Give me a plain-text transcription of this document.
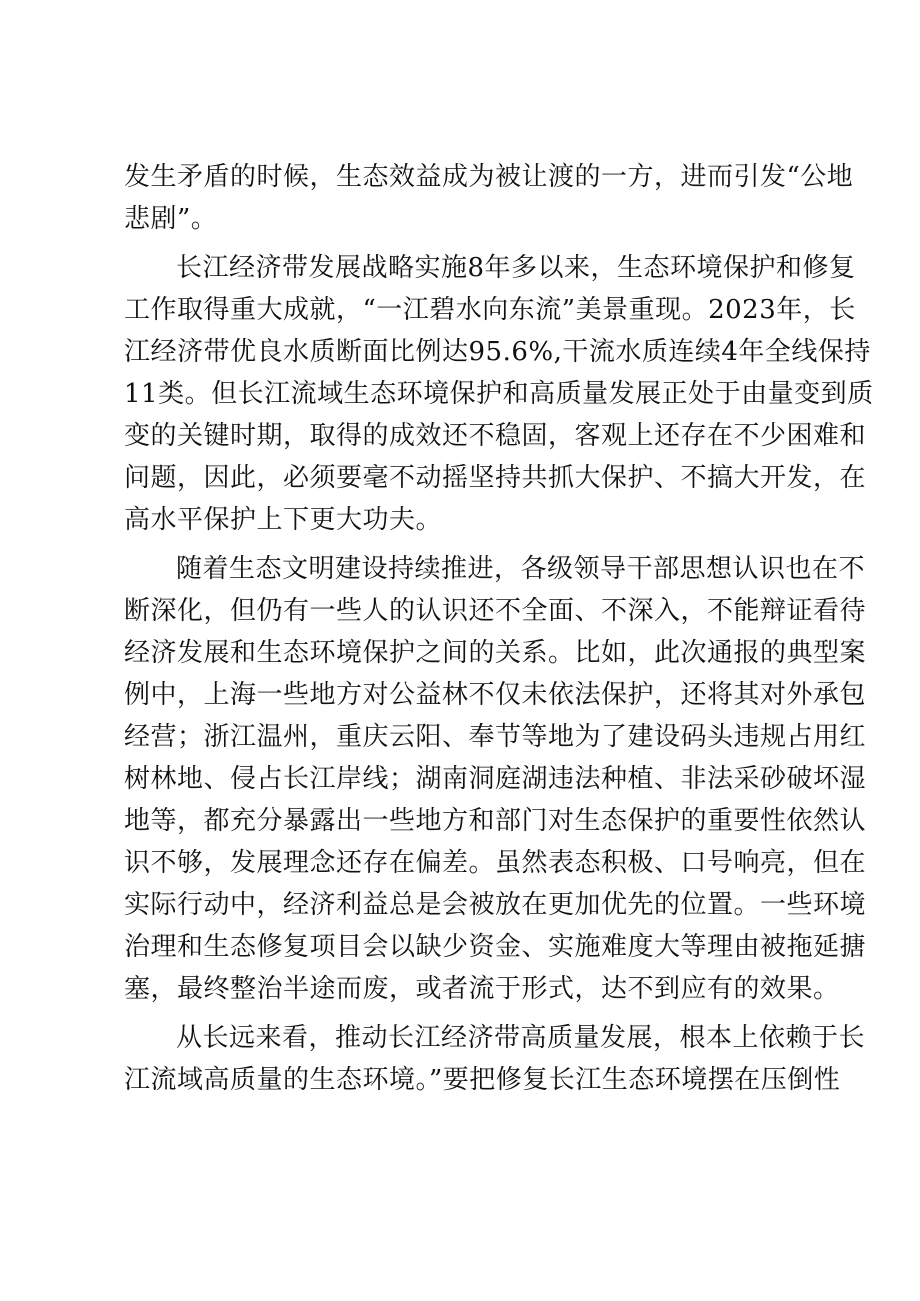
发生矛盾的时候，生态效益成为被让渡的一方，进而引发“公地
悲剧”。
长江经济带发展战略实施8年多以来，生态环境保护和修复
工作取得重大成就，“一江碧水向东流”美景重现。2023年，长
江经济带优良水质断面比例达95.6%,干流水质连续4年全线保持
11类。但长江流域生态环境保护和高质量发展正处于由量变到质
变的关键时期，取得的成效还不稳固，客观上还存在不少困难和
问题，因此，必须要毫不动摇坚持共抓大保护、不搞大开发，在
高水平保护上下更大功夫。
随着生态文明建设持续推进，各级领导干部思想认识也在不
断深化，但仍有一些人的认识还不全面、不深入，不能辩证看待
经济发展和生态环境保护之间的关系。比如，此次通报的典型案
例中，上海一些地方对公益林不仅未依法保护，还将其对外承包
经营；浙江温州，重庆云阳、奉节等地为了建设码头违规占用红
树林地、侵占长江岸线；湖南洞庭湖违法种植、非法采砂破坏湿
地等，都充分暴露出一些地方和部门对生态保护的重要性依然认
识不够，发展理念还存在偏差。虽然表态积极、口号响亮，但在
实际行动中，经济利益总是会被放在更加优先的位置。一些环境
治理和生态修复项目会以缺少资金、实施难度大等理由被拖延搪
塞，最终整治半途而废，或者流于形式，达不到应有的效果。
从长远来看，推动长江经济带高质量发展，根本上依赖于长
江流域高质量的生态环境。”要把修复长江生态环境摆在压倒性
